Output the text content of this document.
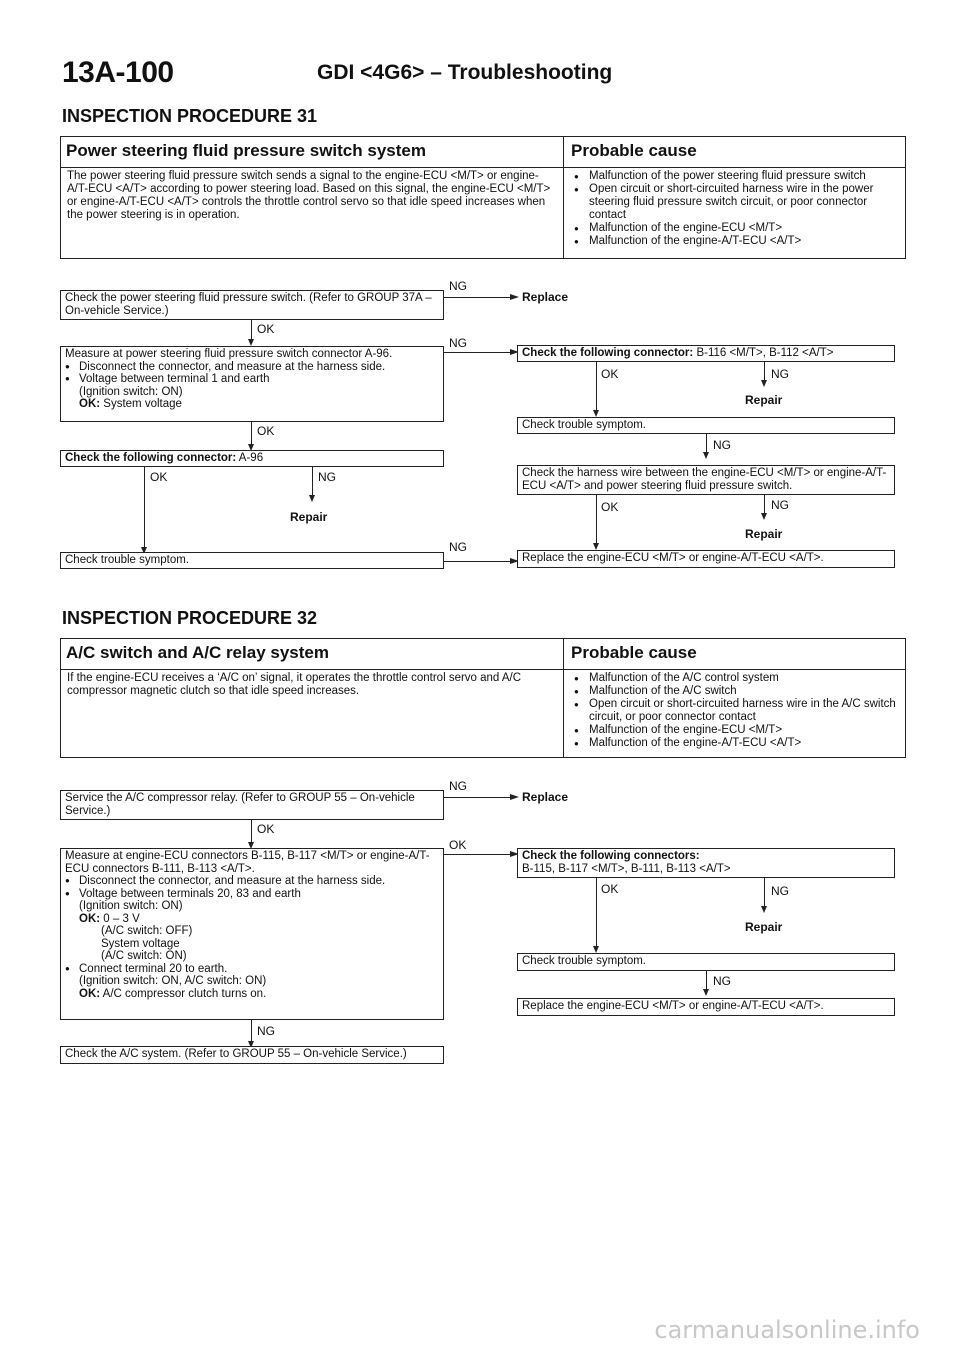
13A-100	GDI <4G6> – Troubleshooting
INSPECTION PROCEDURE 31
Power steering fluid pressure switch system	Probable cause
The power steering fluid pressure switch sends a signal to the engine-ECU <M/T> or engine-A/T-ECU <A/T> according to power steering load. Based on this signal, the engine-ECU <M/T> or engine-A/T-ECU <A/T> controls the throttle control servo so that idle speed increases when the power steering is in operation.
● Malfunction of the power steering fluid pressure switch
● Open circuit or short-circuited harness wire in the power steering fluid pressure switch circuit, or poor connector contact
● Malfunction of the engine-ECU <M/T>
● Malfunction of the engine-A/T-ECU <A/T>
Check the power steering fluid pressure switch. (Refer to GROUP 37A – On-vehicle Service.)
NG
Replace
OK
Measure at power steering fluid pressure switch connector A-96.
● Disconnect the connector, and measure at the harness side.
● Voltage between terminal 1 and earth
(Ignition switch: ON)
OK: System voltage
NG
OK
Check the following connector: A-96
OK	NG
Repair
Check trouble symptom.
NG
Check the following connector: B-116 <M/T>, B-112 <A/T>
OK	NG
Repair
Check trouble symptom.
NG
Check the harness wire between the engine-ECU <M/T> or engine-A/T-ECU <A/T> and power steering fluid pressure switch.
OK	NG
Repair
Replace the engine-ECU <M/T> or engine-A/T-ECU <A/T>.
INSPECTION PROCEDURE 32
A/C switch and A/C relay system	Probable cause
If the engine-ECU receives a ‘A/C on’ signal, it operates the throttle control servo and A/C compressor magnetic clutch so that idle speed increases.
● Malfunction of the A/C control system
● Malfunction of the A/C switch
● Open circuit or short-circuited harness wire in the A/C switch circuit, or poor connector contact
● Malfunction of the engine-ECU <M/T>
● Malfunction of the engine-A/T-ECU <A/T>
Service the A/C compressor relay. (Refer to GROUP 55 – On-vehicle Service.)
NG
Replace
OK
Measure at engine-ECU connectors B-115, B-117 <M/T> or engine-A/T-ECU connectors B-111, B-113 <A/T>.
● Disconnect the connector, and measure at the harness side.
● Voltage between terminals 20, 83 and earth
(Ignition switch: ON)
OK: 0 – 3 V
(A/C switch: OFF)
System voltage
(A/C switch: ON)
● Connect terminal 20 to earth.
(Ignition switch: ON, A/C switch: ON)
OK: A/C compressor clutch turns on.
OK
NG
Check the A/C system. (Refer to GROUP 55 – On-vehicle Service.)
Check the following connectors:
B-115, B-117 <M/T>, B-111, B-113 <A/T>
OK	NG
Repair
Check trouble symptom.
NG
Replace the engine-ECU <M/T> or engine-A/T-ECU <A/T>.
carmanualsonline.info
